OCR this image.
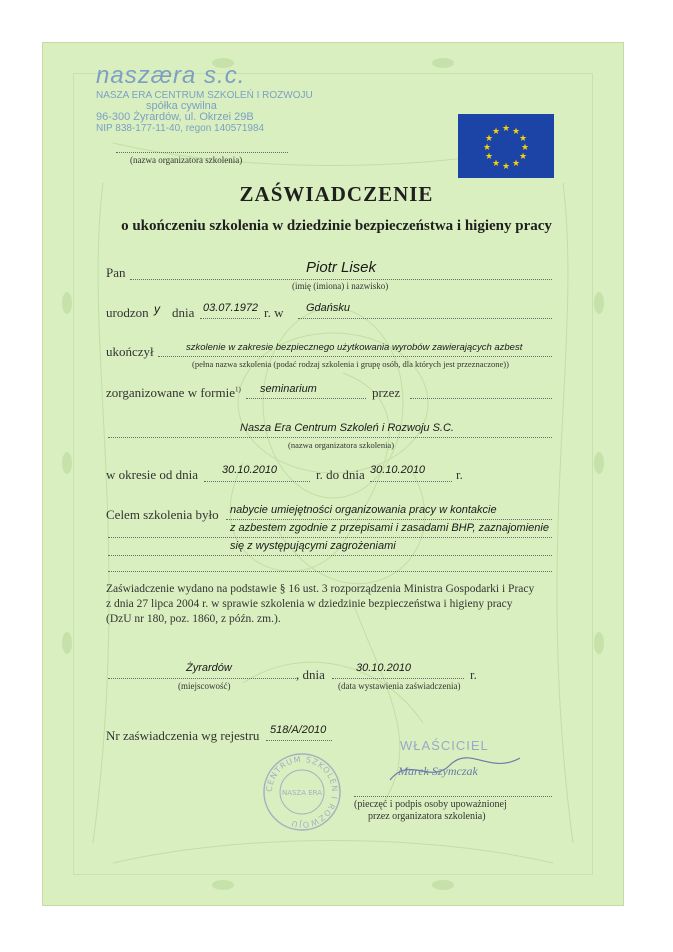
naszæra s.c.
NASZA ERA CENTRUM SZKOLEŃ I ROZWOJU
spółka cywilna
96-300 Żyrardów, ul. Okrzei 29B
NIP 838-177-11-40, regon 140571984
(nazwa organizatora szkolenia)
★ ★
★
★
★
★
★
★
★
★
★
★
ZAŚWIADCZENIE
o ukończeniu szkolenia w dziedzinie bezpieczeństwa i higieny pracy
Pan	Piotr Lisek
(imię (imiona) i nazwisko)
urodzon y dnia 03.07.1972 r. w Gdańsku
ukończył	szkolenie w zakresie bezpiecznego użytkowania wyrobów zawierających azbest
(pełna nazwa szkolenia (podać rodzaj szkolenia i grupę osób, dla których jest przeznaczone))
zorganizowane w formie$^{1)}$ seminarium	przez
Nasza Era Centrum Szkoleń i Rozwoju S.C.
(nazwa organizatora szkolenia)
w okresie od dnia 30.10.2010	r. do dnia 30.10.2010 r.
Celem szkolenia było nabycie umiejętności organizowania pracy w kontakcie
z azbestem zgodnie z przepisami i zasadami BHP, zaznajomienie
się z występującymi zagrożeniami
Zaświadczenie wydano na podstawie § 16 ust. 3 rozporządzenia Ministra Gospodarki i Pracy
z dnia 27 lipca 2004 r. w sprawie szkolenia w dziedzinie bezpieczeństwa i higieny pracy
(DzU nr 180, poz. 1860, z późn. zm.).
Żyrardów
(miejscowość)
, dnia	30.10.2010	r.
(data wystawienia zaświadczenia)
Nr zaświadczenia wg rejestru 518/A/2010
CENTRUM SZKOLEŃ I ROZWOJU
NASZA ERA
WŁAŚCICIEL
Marek Szymczak
(pieczęć i podpis osoby upoważnionej
przez organizatora szkolenia)
